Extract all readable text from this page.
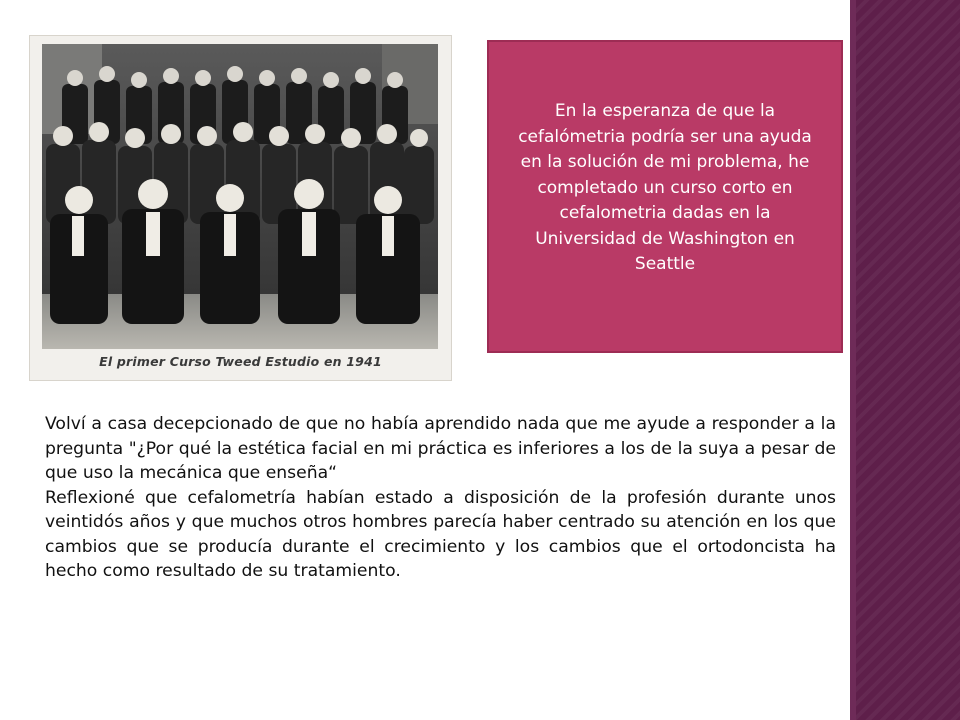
El primer Curso Tweed Estudio en 1941
En la esperanza de que la cefalómetria podría ser una ayuda en la solución de mi problema, he completado un curso corto en cefalometria dadas en la Universidad de Washington en Seattle

Volví a casa decepcionado de que no había aprendido nada que me ayude a responder a la pregunta "¿Por qué la estética facial en mi práctica es inferiores a los de la suya a pesar de que uso la mecánica que enseña“

Reflexioné que cefalometría habían estado a disposición de la profesión durante unos veintidós años y que muchos otros hombres parecía haber centrado su atención en los que cambios que se producía durante el crecimiento y los cambios que el ortodoncista ha hecho como resultado de su tratamiento.
